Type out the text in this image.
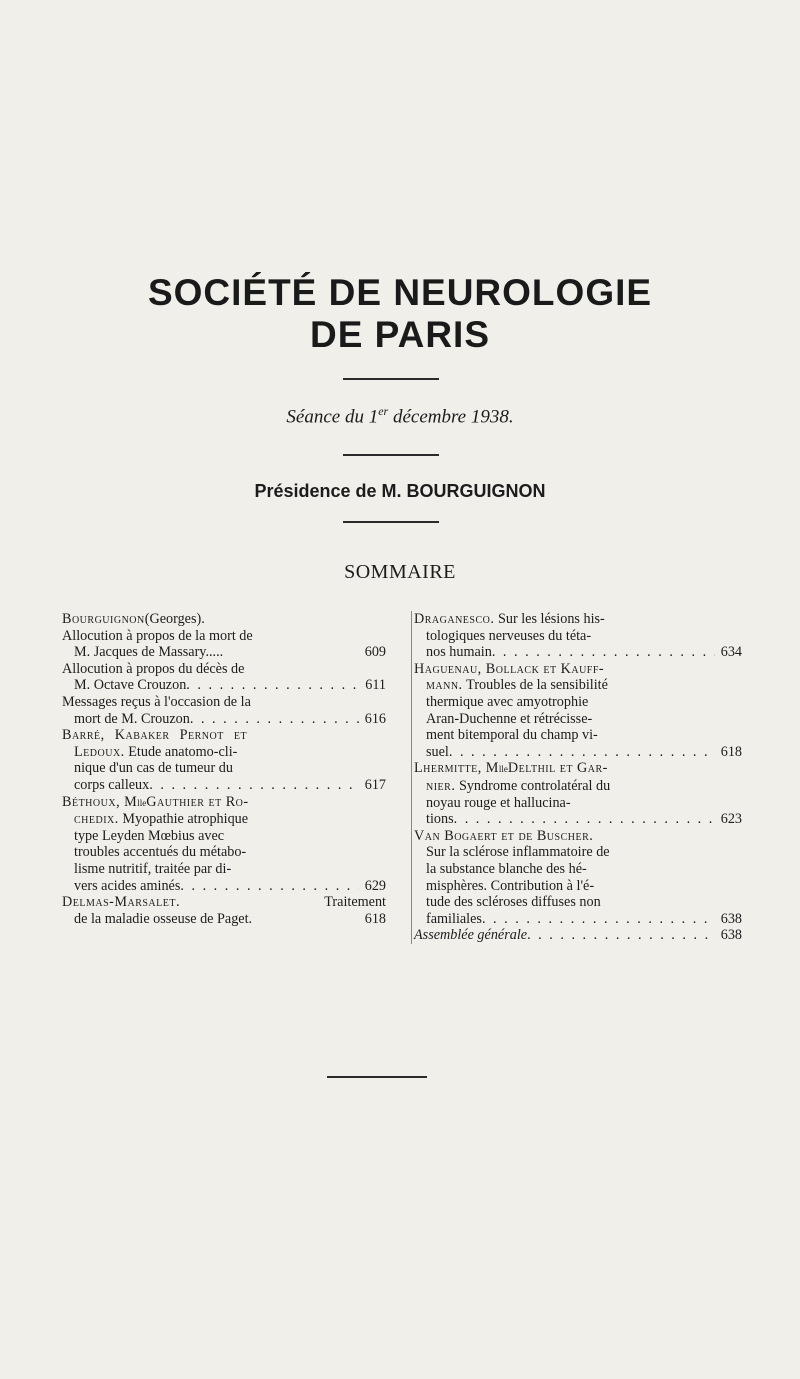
SOCIÉTÉ DE NEUROLOGIE
DE PARIS
Séance du 1er décembre 1938.
Présidence de M. BOURGUIGNON
SOMMAIRE
Bourguignon (Georges).
Allocution à propos de la mort de
M. Jacques de Massary.....	609
Allocution à propos du décès de
M. Octave Crouzon . . .	611
Messages reçus à l'occasion de la
mort de M. Crouzon . . .	616
Barré, Kabaker Pernot et
Ledoux.
Etude anatomo-cli-
nique d'un cas de tumeur du
corps calleux . . .	617
Béthoux, M lle Gauthier et Ro-
chedix.
Myopathie atrophique
type Leyden Mœbius avec
troubles accentués du métabo-
lisme nutritif, traitée par di-
vers acides aminés . . .	629
Delmas-Marsalet.	Traitement
de la maladie osseuse de Paget.	618
Draganesco.
Sur les lésions his-
tologiques nerveuses du téta-
nos humain . . .	634
Haguenau, Bollack et Kauff-
mann.
Troubles de la sensibilité
thermique avec amyotrophie
Aran-Duchenne et rétrécisse-
ment bitemporal du champ vi-
suel . . .	618
Lhermitte, M lle Delthil et Gar-
nier.
Syndrome controlatéral du
noyau rouge et hallucina-
tions . . .	623
Van Bogaert et de Buscher.
Sur la sclérose inflammatoire de
la substance blanche des hé-
misphères. Contribution à l'é-
tude des scléroses diffuses non
familiales . . .	638
Assemblée générale . . .	638
